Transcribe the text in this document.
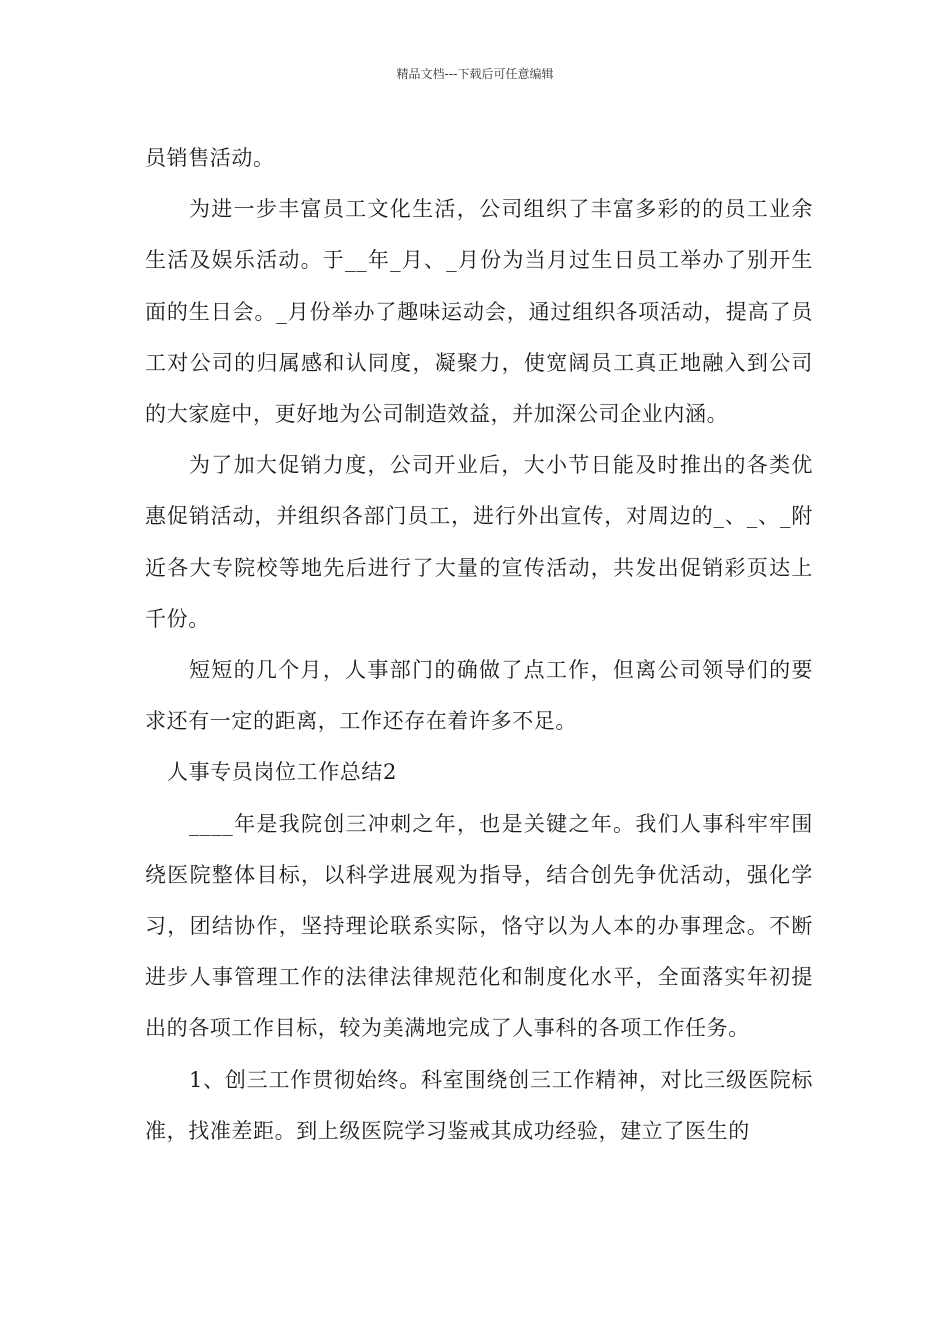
精品文档---下载后可任意编辑

员销售活动。

为进一步丰富员工文化生活，公司组织了丰富多彩的的员工业余生活及娱乐活动。于__年_月、_月份为当月过生日员工举办了别开生面的生日会。_月份举办了趣味运动会，通过组织各项活动，提高了员工对公司的归属感和认同度，凝聚力，使宽阔员工真正地融入到公司的大家庭中，更好地为公司制造效益，并加深公司企业内涵。

为了加大促销力度，公司开业后，大小节日能及时推出的各类优惠促销活动，并组织各部门员工，进行外出宣传，对周边的_、_、_附近各大专院校等地先后进行了大量的宣传活动，共发出促销彩页达上千份。

短短的几个月，人事部门的确做了点工作，但离公司领导们的要求还有一定的距离，工作还存在着许多不足。

人事专员岗位工作总结2

____年是我院创三冲刺之年，也是关键之年。我们人事科牢牢围绕医院整体目标，以科学进展观为指导，结合创先争优活动，强化学习，团结协作，坚持理论联系实际，恪守以为人本的办事理念。不断进步人事管理工作的法律法律规范化和制度化水平，全面落实年初提出的各项工作目标，较为美满地完成了人事科的各项工作任务。

1、创三工作贯彻始终。科室围绕创三工作精神，对比三级医院标准，找准差距。到上级医院学习鉴戒其成功经验，建立了医生的
